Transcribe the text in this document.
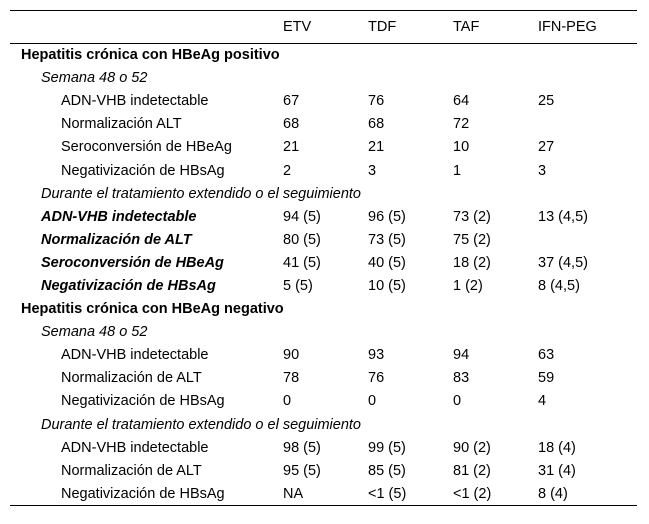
	ETV	TDF	TAF	IFN-PEG
Hepatitis crónica con HBeAg positivo				
Semana 48 o 52				
ADN-VHB indetectable	67	76	64	25
Normalización ALT	68	68	72	
Seroconversión de HBeAg	21	21	10	27
Negativización de HBsAg	2	3	1	3
Durante el tratamiento extendido o el seguimiento				
ADN-VHB indetectable	94 (5)	96 (5)	73 (2)	13 (4,5)
Normalización de ALT	80 (5)	73 (5)	75 (2)	
Seroconversión de HBeAg	41 (5)	40 (5)	18 (2)	37 (4,5)
Negativización de HBsAg	5 (5)	10 (5)	1 (2)	8 (4,5)
Hepatitis crónica con HBeAg negativo				
Semana 48 o 52				
ADN-VHB indetectable	90	93	94	63
Normalización de ALT	78	76	83	59
Negativización de HBsAg	0	0	0	4
Durante el tratamiento extendido o el seguimiento				
ADN-VHB indetectable	98 (5)	99 (5)	90 (2)	18 (4)
Normalización de ALT	95 (5)	85 (5)	81 (2)	31 (4)
Negativización de HBsAg	NA	<1 (5)	<1 (2)	8 (4)
